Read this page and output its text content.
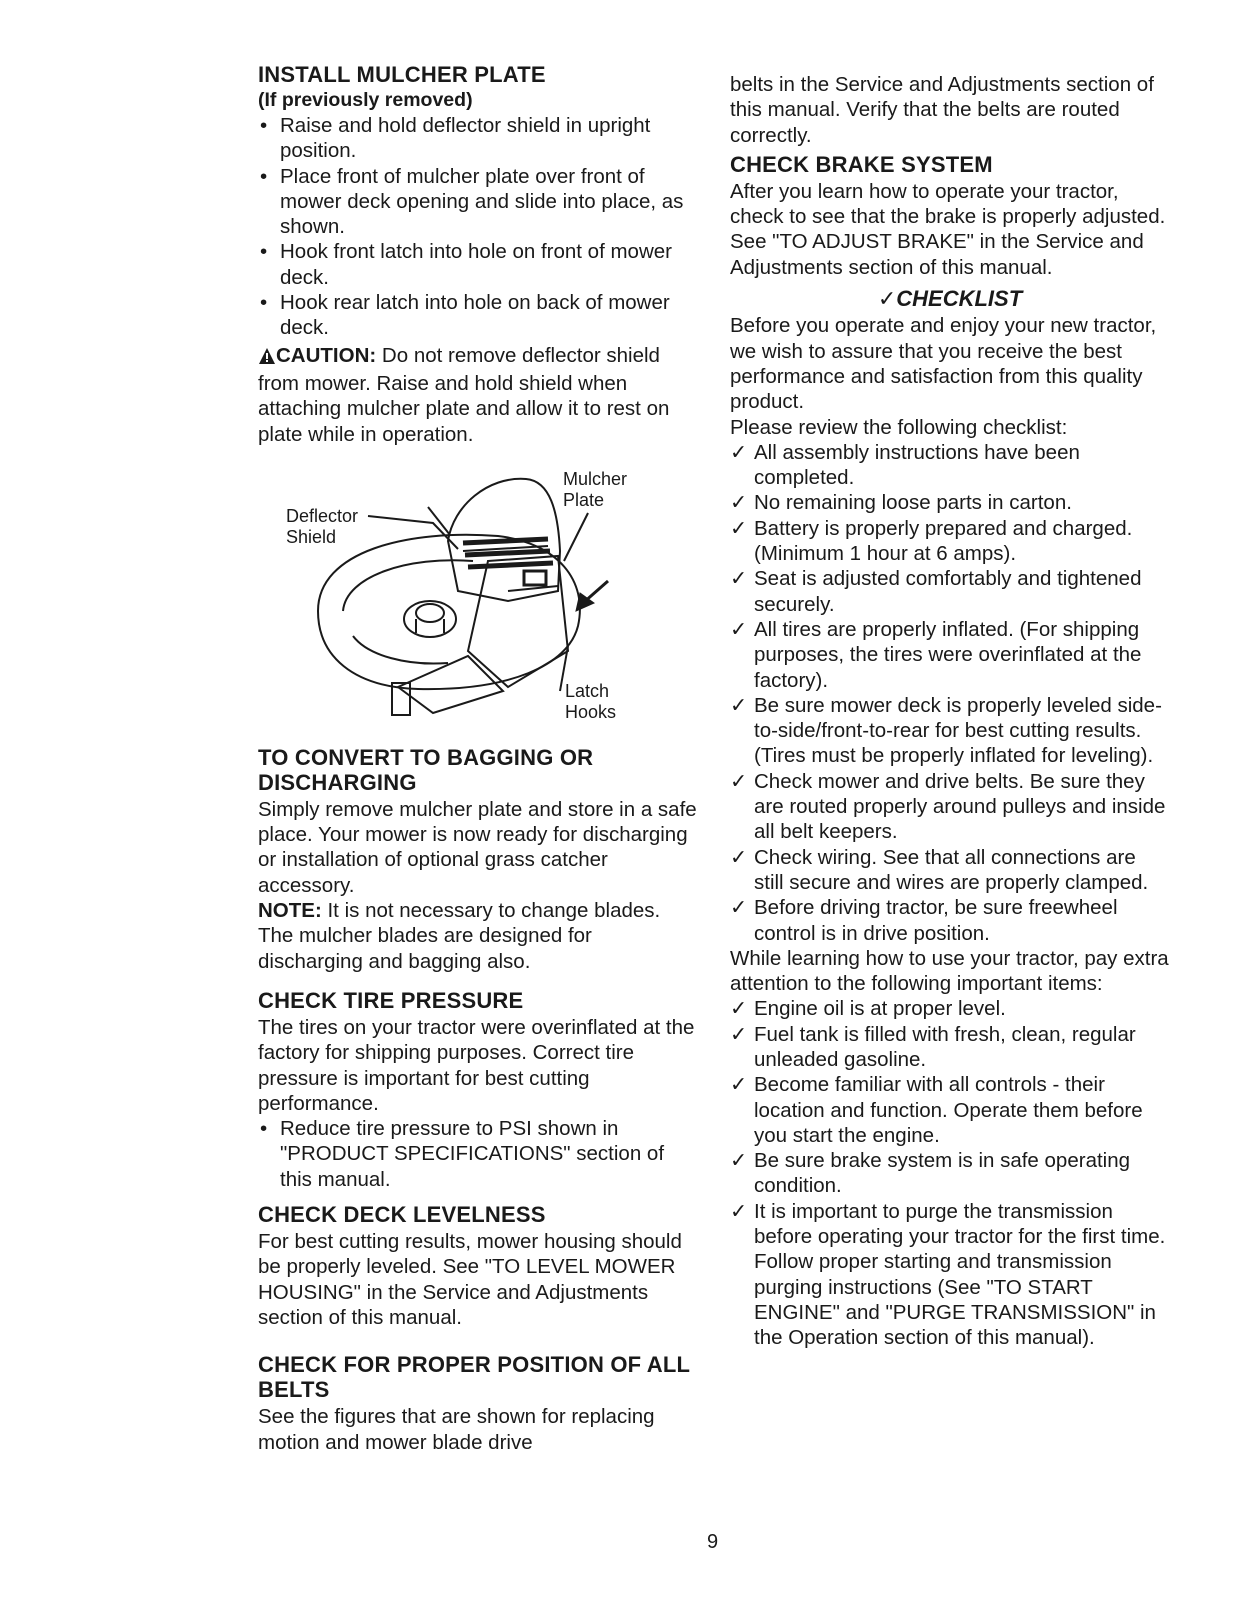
INSTALL MULCHER PLATE
(If previously removed)
• Raise and hold deflector shield in upright position.
• Place front of mulcher plate over front of mower deck opening and slide into place, as shown.
• Hook front latch into hole on front of mower deck.
• Hook rear latch into hole on back of mower deck.

CAUTION: Do not remove deflector shield from mower. Raise and hold shield when attaching mulcher plate and allow it to rest on plate while in operation.

Deflector
Shield
Mulcher
Plate
Latch
Hooks
TO CONVERT TO BAGGING OR DISCHARGING

Simply remove mulcher plate and store in a safe place. Your mower is now ready for discharging or installation of optional grass catcher accessory.

NOTE: It is not necessary to change blades. The mulcher blades are designed for discharging and bagging also.

CHECK TIRE PRESSURE

The tires on your tractor were overinflated at the factory for shipping purposes. Correct tire pressure is important for best cutting performance.

• Reduce tire pressure to PSI shown in "PRODUCT SPECIFICATIONS" section of this manual.
CHECK DECK LEVELNESS

For best cutting results, mower housing should be properly leveled. See "TO LEVEL MOWER HOUSING" in the Service and Adjustments section of this manual.

CHECK FOR PROPER POSITION OF ALL BELTS

See the figures that are shown for replacing motion and mower blade drive

belts in the Service and Adjustments section of this manual. Verify that the belts are routed correctly.

CHECK BRAKE SYSTEM

After you learn how to operate your tractor, check to see that the brake is properly adjusted. See "TO ADJUST BRAKE" in the Service and Adjustments section of this manual.

✓CHECKLIST

Before you operate and enjoy your new tractor, we wish to assure that you receive the best performance and satisfaction from this quality product.

Please review the following checklist:

✓ All assembly instructions have been completed.
✓ No remaining loose parts in carton.
✓ Battery is properly prepared and charged. (Minimum 1 hour at 6 amps).
✓ Seat is adjusted comfortably and tightened securely.
✓ All tires are properly inflated. (For shipping purposes, the tires were overinflated at the factory).
✓ Be sure mower deck is properly leveled side-to-side/front-to-rear for best cutting results. (Tires must be properly inflated for leveling).
✓ Check mower and drive belts. Be sure they are routed properly around pulleys and inside all belt keepers.
✓ Check wiring. See that all connections are still secure and wires are properly clamped.
✓ Before driving tractor, be sure freewheel control is in drive position.

While learning how to use your tractor, pay extra attention to the following important items:

✓ Engine oil is at proper level.
✓ Fuel tank is filled with fresh, clean, regular unleaded gasoline.
✓ Become familiar with all controls - their location and function. Operate them before you start the engine.
✓ Be sure brake system is in safe operating condition.
✓ It is important to purge the transmission before operating your tractor for the first time. Follow proper starting and transmission purging instructions (See "TO START ENGINE" and "PURGE TRANSMISSION" in the Operation section of this manual).
9
